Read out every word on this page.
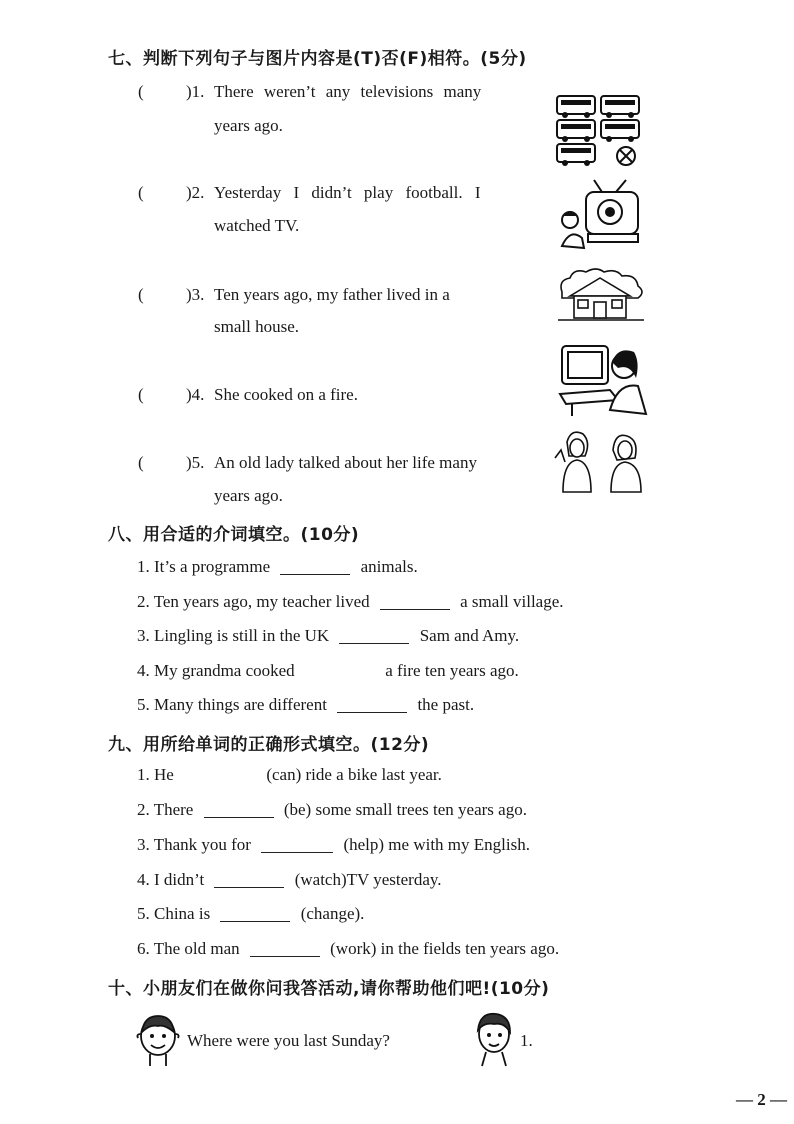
七、判断下列句子与图片内容是(T)否(F)相符。(5分)
( )1. There weren’t any televisions many
years ago.
( )2. Yesterday I didn’t play football. I
watched TV.
( )3. Ten years ago, my father lived in a
small house.
( )4. She cooked on a fire.
( )5. An old lady talked about her life many
years ago.
八、用合适的介词填空。(10分)
1. It’s a programme	animals.
2. Ten years ago, my teacher lived	a small village.
3. Lingling is still in the UK	Sam and Amy.
4. My grandma cooked	a fire ten years ago.
5. Many things are different	the past.
九、用所给单词的正确形式填空。(12分)
1. He	(can) ride a bike last year.
2. There	(be) some small trees ten years ago.
3. Thank you for	(help) me with my English.
4. I didn’t	(watch)TV yesterday.
5. China is	(change).
6. The old man	(work) in the fields ten years ago.
十、小朋友们在做你问我答活动,请你帮助他们吧!(10分)
Where were you last Sunday?	1.
— 2 —
